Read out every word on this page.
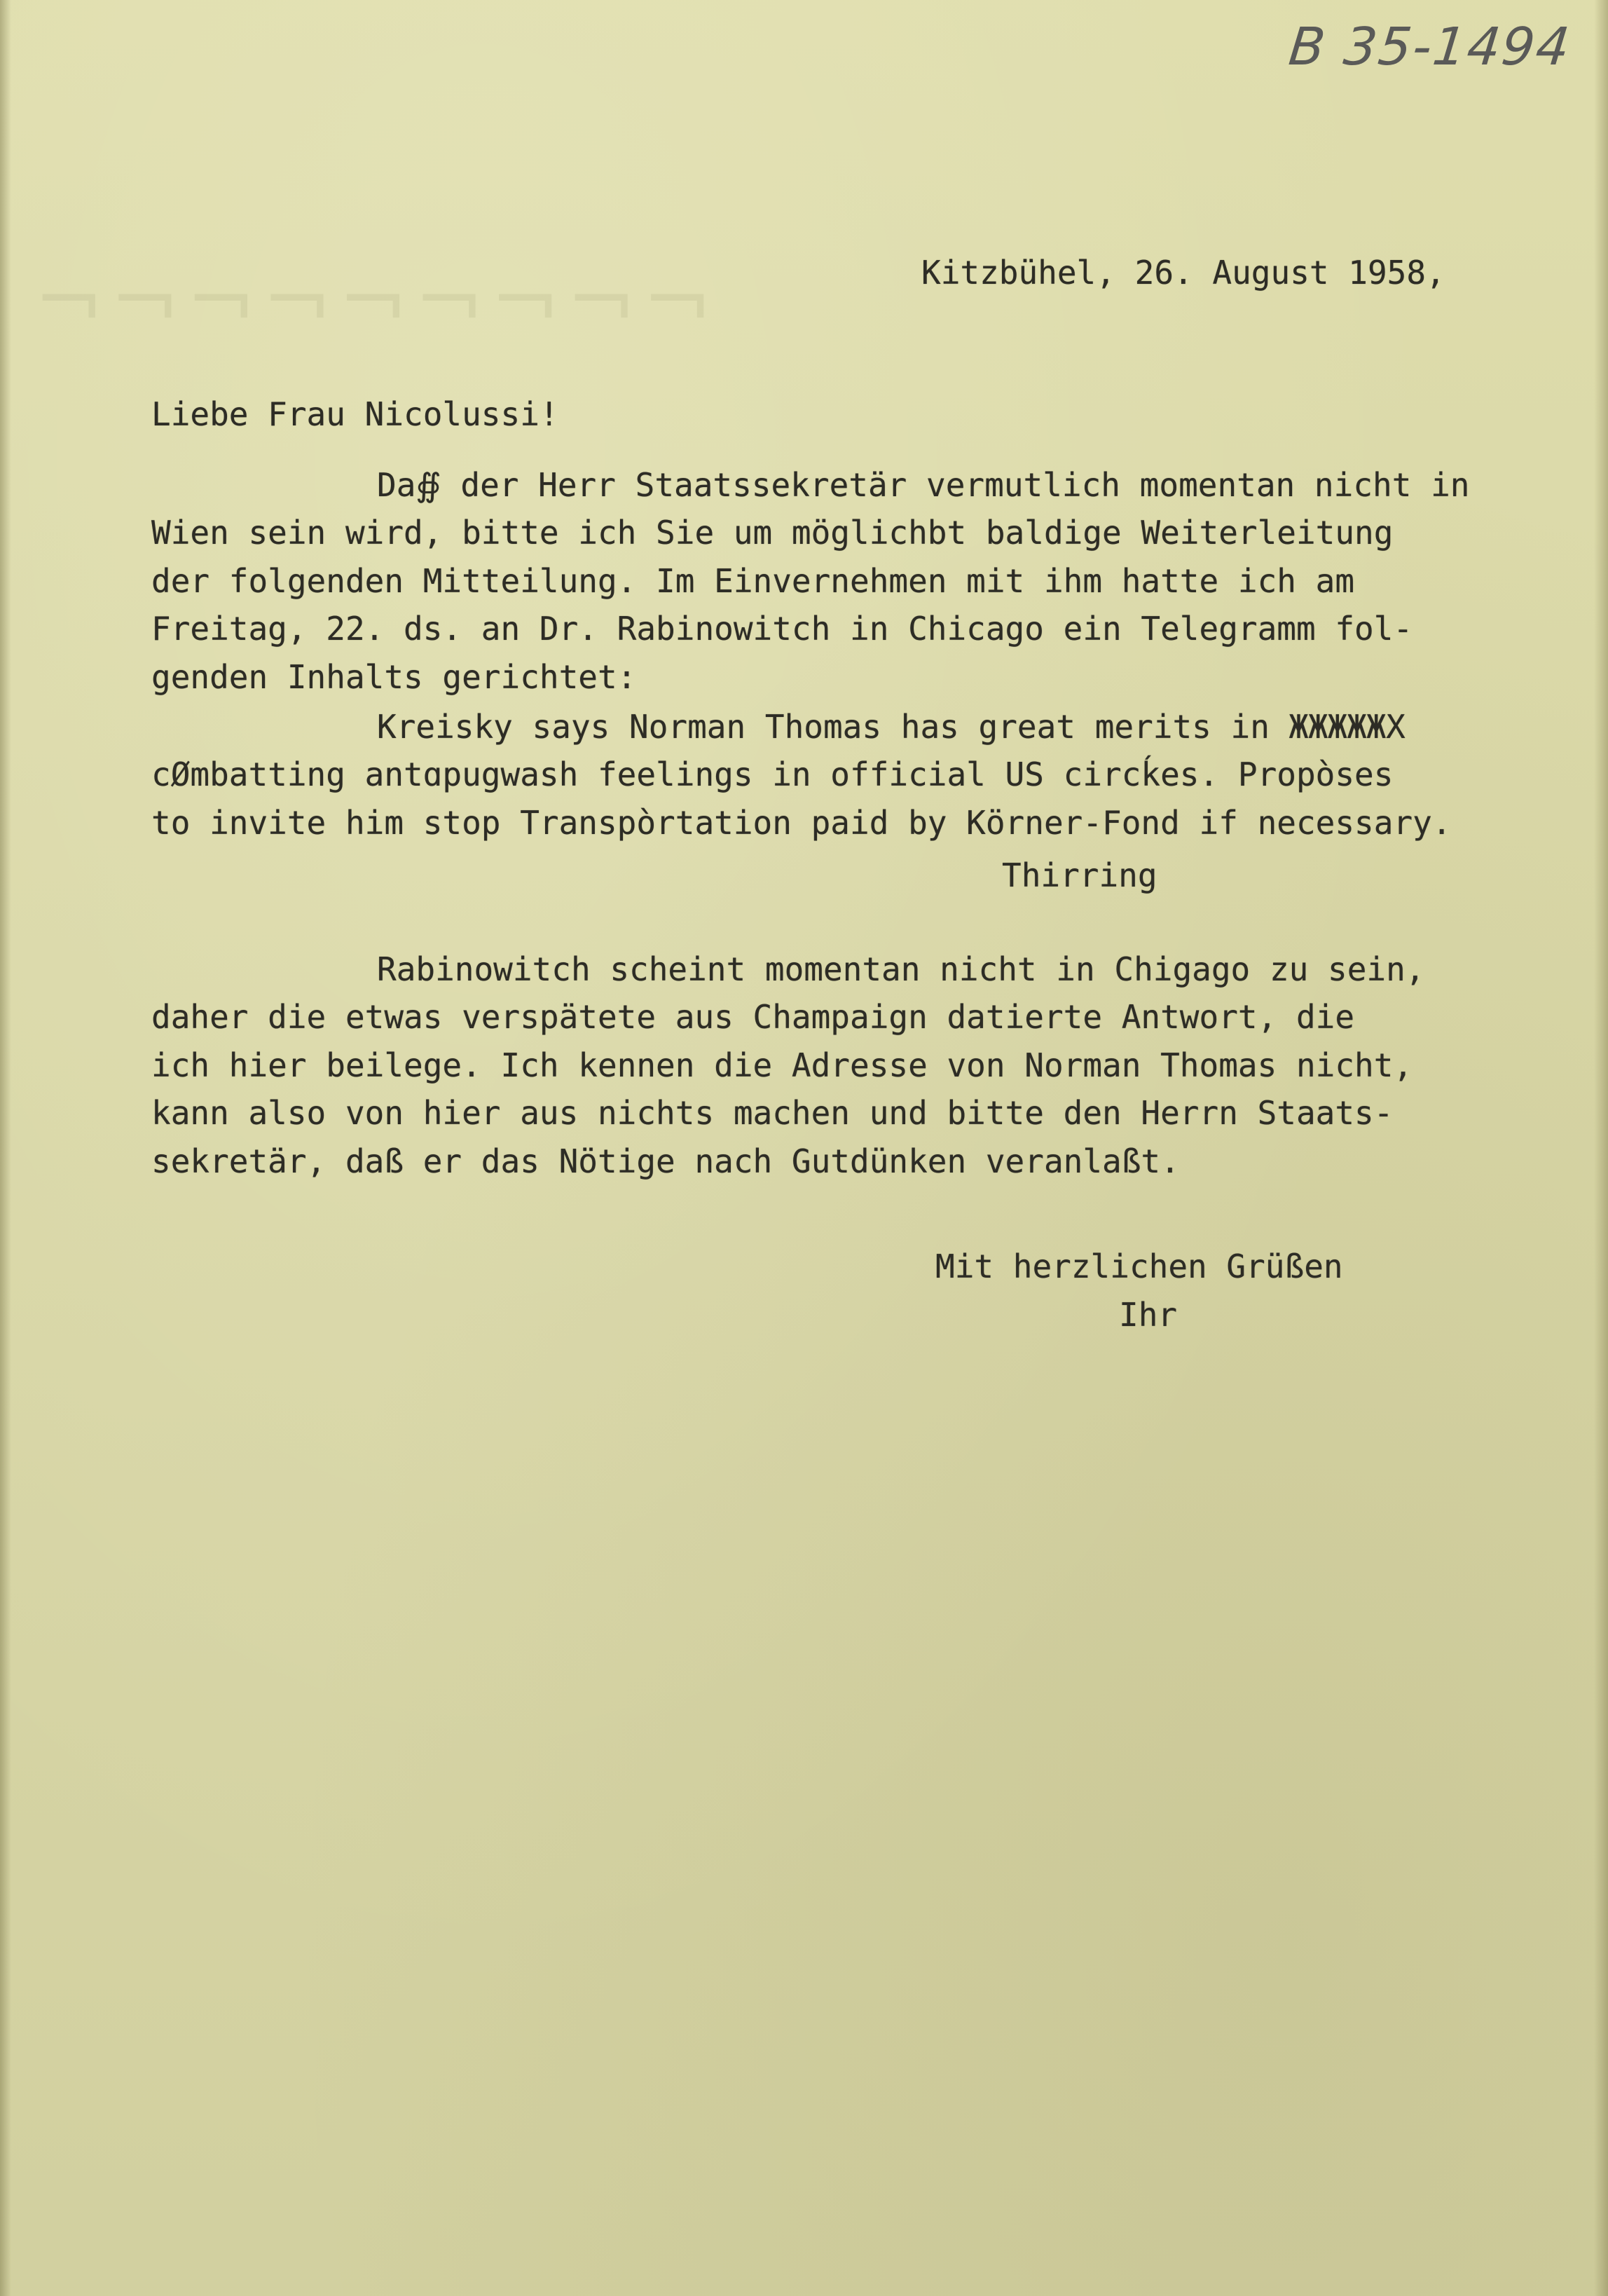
⌐⌐⌐⌐⌐⌐⌐⌐⌐
B 35-1494
Kitzbühel, 26. August 1958,
Liebe Frau Nicolussi!
Da∯ der Herr Staatssekretär vermutlich momentan nicht in
Wien sein wird, bitte ich Sie um möglichbt baldige Weiterleitung
der folgenden Mitteilung. Im Einvernehmen mit ihm hatte ich am
Freitag, 22. ds. an Dr. Rabinowitch in Chicago ein Telegramm fol-
genden Inhalts gerichtet:
Kreisky says Norman Thomas has great merits in ЖЖЖЖЖX
cØmbatting antɑpugwash feelings in official US circḱes. Propòses
to invite him stop Transpòrtation paid by Körner-Fond if necessary.
Thirring
Rabinowitch scheint momentan nicht in Chigago zu sein,
daher die etwas verspätete aus Champaign datierte Antwort, die
ich hier beilege. Ich kennen die Adresse von Norman Thomas nicht,
kann also von hier aus nichts machen und bitte den Herrn Staats-
sekretär, daß er das Nötige nach Gutdünken veranlaßt.
Mit herzlichen Grüßen
Ihr
